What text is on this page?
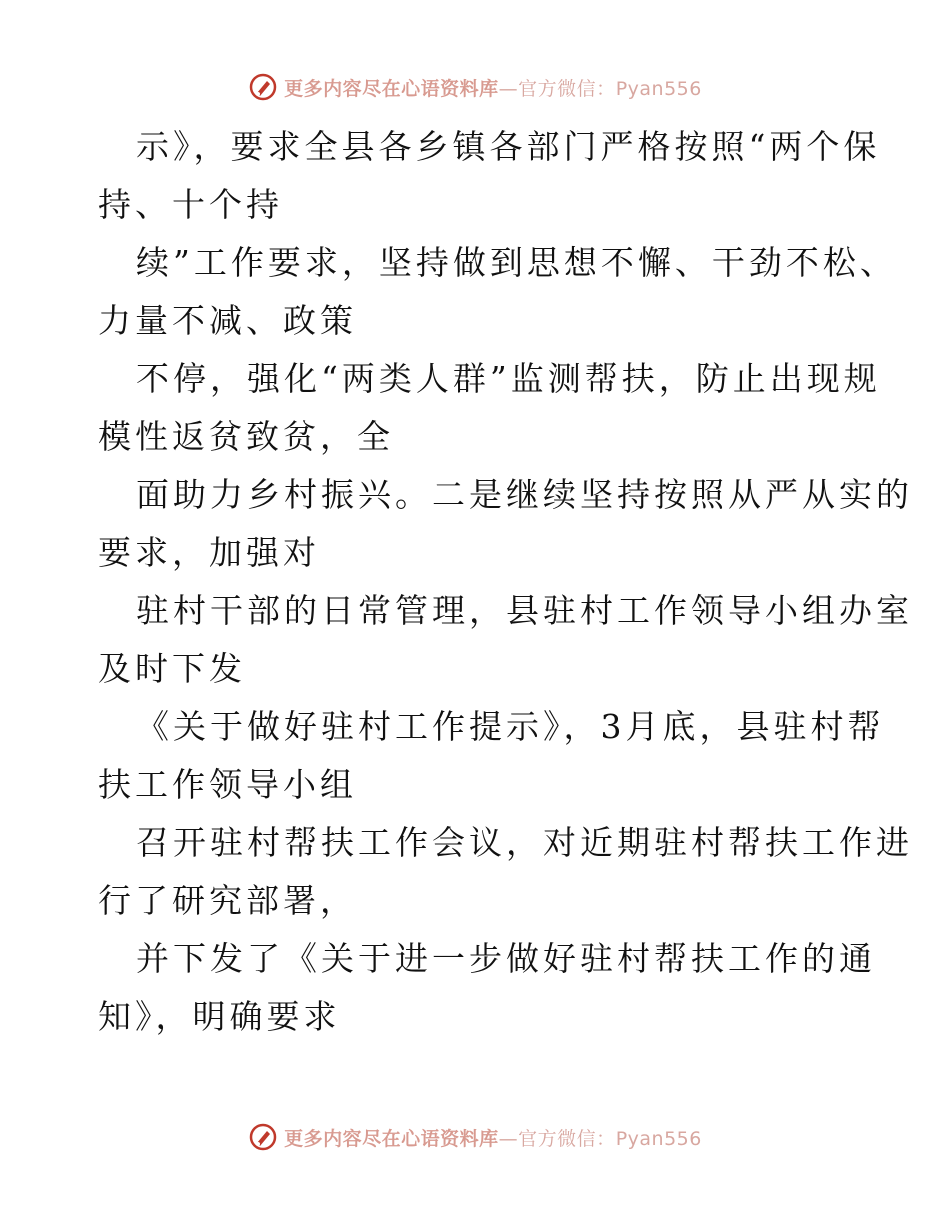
更多内容尽在心语资料库—官方微信：Pyan556
示》，要求全县各乡镇各部门严格按照“两个保
持、十个持
续”工作要求，坚持做到思想不懈、干劲不松、
力量不减、政策
不停，强化“两类人群”监测帮扶，防止出现规
模性返贫致贫，全
面助力乡村振兴。二是继续坚持按照从严从实的
要求，加强对
驻村干部的日常管理，县驻村工作领导小组办室
及时下发
《关于做好驻村工作提示》，3月底，县驻村帮
扶工作领导小组
召开驻村帮扶工作会议，对近期驻村帮扶工作进
行了研究部署，
并下发了《关于进一步做好驻村帮扶工作的通
知》，明确要求
更多内容尽在心语资料库—官方微信：Pyan556
